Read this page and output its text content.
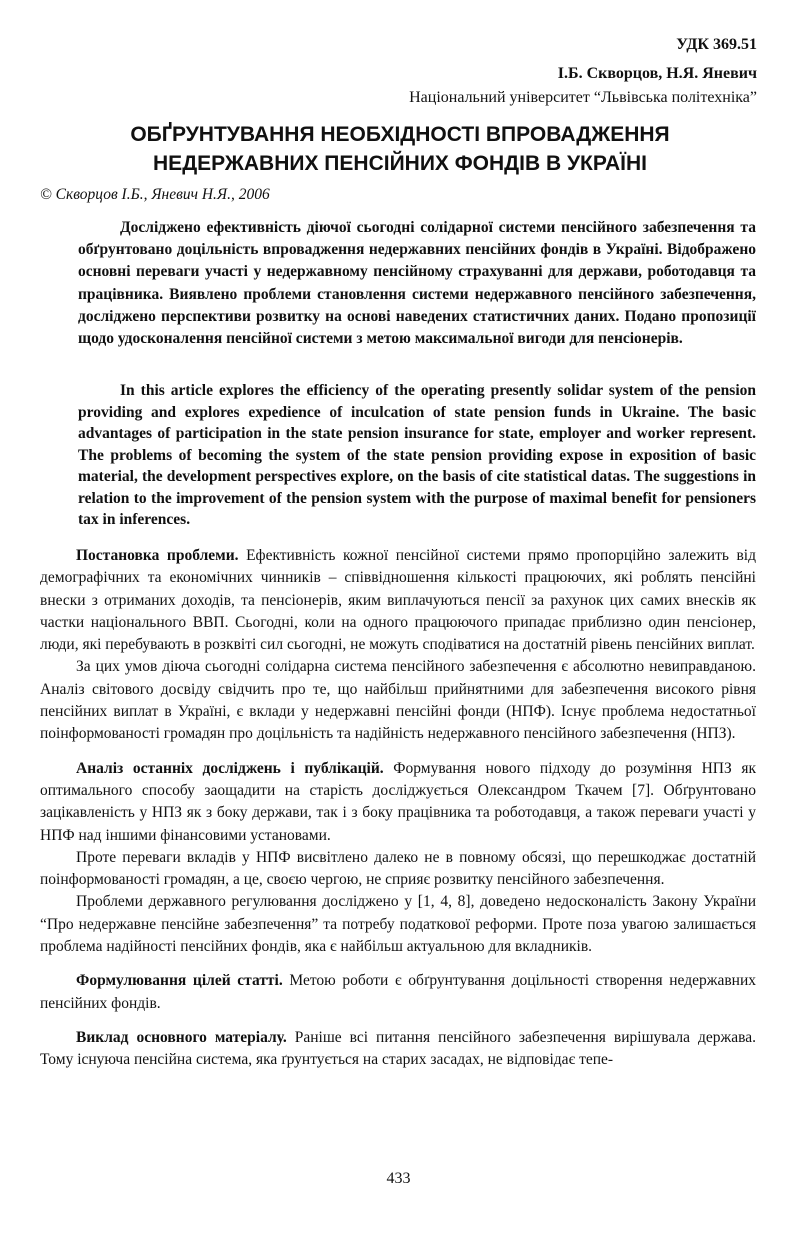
УДК 369.51
І.Б. Скворцов, Н.Я. Яневич
Національний університет “Львівська політехніка”
ОБҐРУНТУВАННЯ НЕОБХІДНОСТІ ВПРОВАДЖЕННЯ
НЕДЕРЖАВНИХ ПЕНСІЙНИХ ФОНДІВ В УКРАЇНІ
© Скворцов І.Б., Яневич Н.Я., 2006
Досліджено ефективність діючої сьогодні солідарної системи пенсійного забезпечення та обґрунтовано доцільність впровадження недержавних пенсійних фондів в Україні. Відображено основні переваги участі у недержавному пенсійному страхуванні для держави, роботодавця та працівника. Виявлено проблеми становлення системи недержавного пенсійного забезпечення, досліджено перспективи розвитку на основі наведених статистичних даних. Подано пропозиції щодо удосконалення пенсійної системи з метою максимальної вигоди для пенсіонерів.
In this article explores the efficiency of the operating presently solidar system of the pension providing and explores expedience of inculcation of state pension funds in Ukraine. The basic advantages of participation in the state pension insurance for state, employer and worker represent. The problems of becoming the system of the state pension providing expose in exposition of basic material, the development perspectives explore, on the basis of cite statistical datas. The suggestions in relation to the improvement of the pension system with the purpose of maximal benefit for pensioners tax in inferences.

Постановка проблеми. Ефективність кожної пенсійної системи прямо пропорційно залежить від демографічних та економічних чинників – співвідношення кількості працюючих, які роблять пенсійні внески з отриманих доходів, та пенсіонерів, яким виплачуються пенсії за рахунок цих самих внесків як частки національного ВВП. Сьогодні, коли на одного працюючого припадає приблизно один пенсіонер, люди, які перебувають в розквіті сил сьогодні, не можуть сподіватися на достатній рівень пенсійних виплат.

За цих умов діюча сьогодні солідарна система пенсійного забезпечення є абсолютно невиправданою. Аналіз світового досвіду свідчить про те, що найбільш прийнятними для забезпечення високого рівня пенсійних виплат в Україні, є вклади у недержавні пенсійні фонди (НПФ). Існує проблема недостатньої поінформованості громадян про доцільність та надійність недержавного пенсійного забезпечення (НПЗ).

Аналіз останніх досліджень і публікацій. Формування нового підходу до розуміння НПЗ як оптимального способу заощадити на старість досліджується Олександром Ткачем [7]. Обґрунтовано зацікавленість у НПЗ як з боку держави, так і з боку працівника та роботодавця, а також переваги участі у НПФ над іншими фінансовими установами.

Проте переваги вкладів у НПФ висвітлено далеко не в повному обсязі, що перешкоджає достатній поінформованості громадян, а це, своєю чергою, не сприяє розвитку пенсійного забезпечення.

Проблеми державного регулювання досліджено у [1, 4, 8], доведено недосконалість Закону України “Про недержавне пенсійне забезпечення” та потребу податкової реформи. Проте поза увагою залишається проблема надійності пенсійних фондів, яка є найбільш актуальною для вкладників.

Формулювання цілей статті. Метою роботи є обґрунтування доцільності створення недержавних пенсійних фондів.

Виклад основного матеріалу. Раніше всі питання пенсійного забезпечення вирішувала держава. Тому існуюча пенсійна система, яка ґрунтується на старих засадах, не відповідає тепе-

433
